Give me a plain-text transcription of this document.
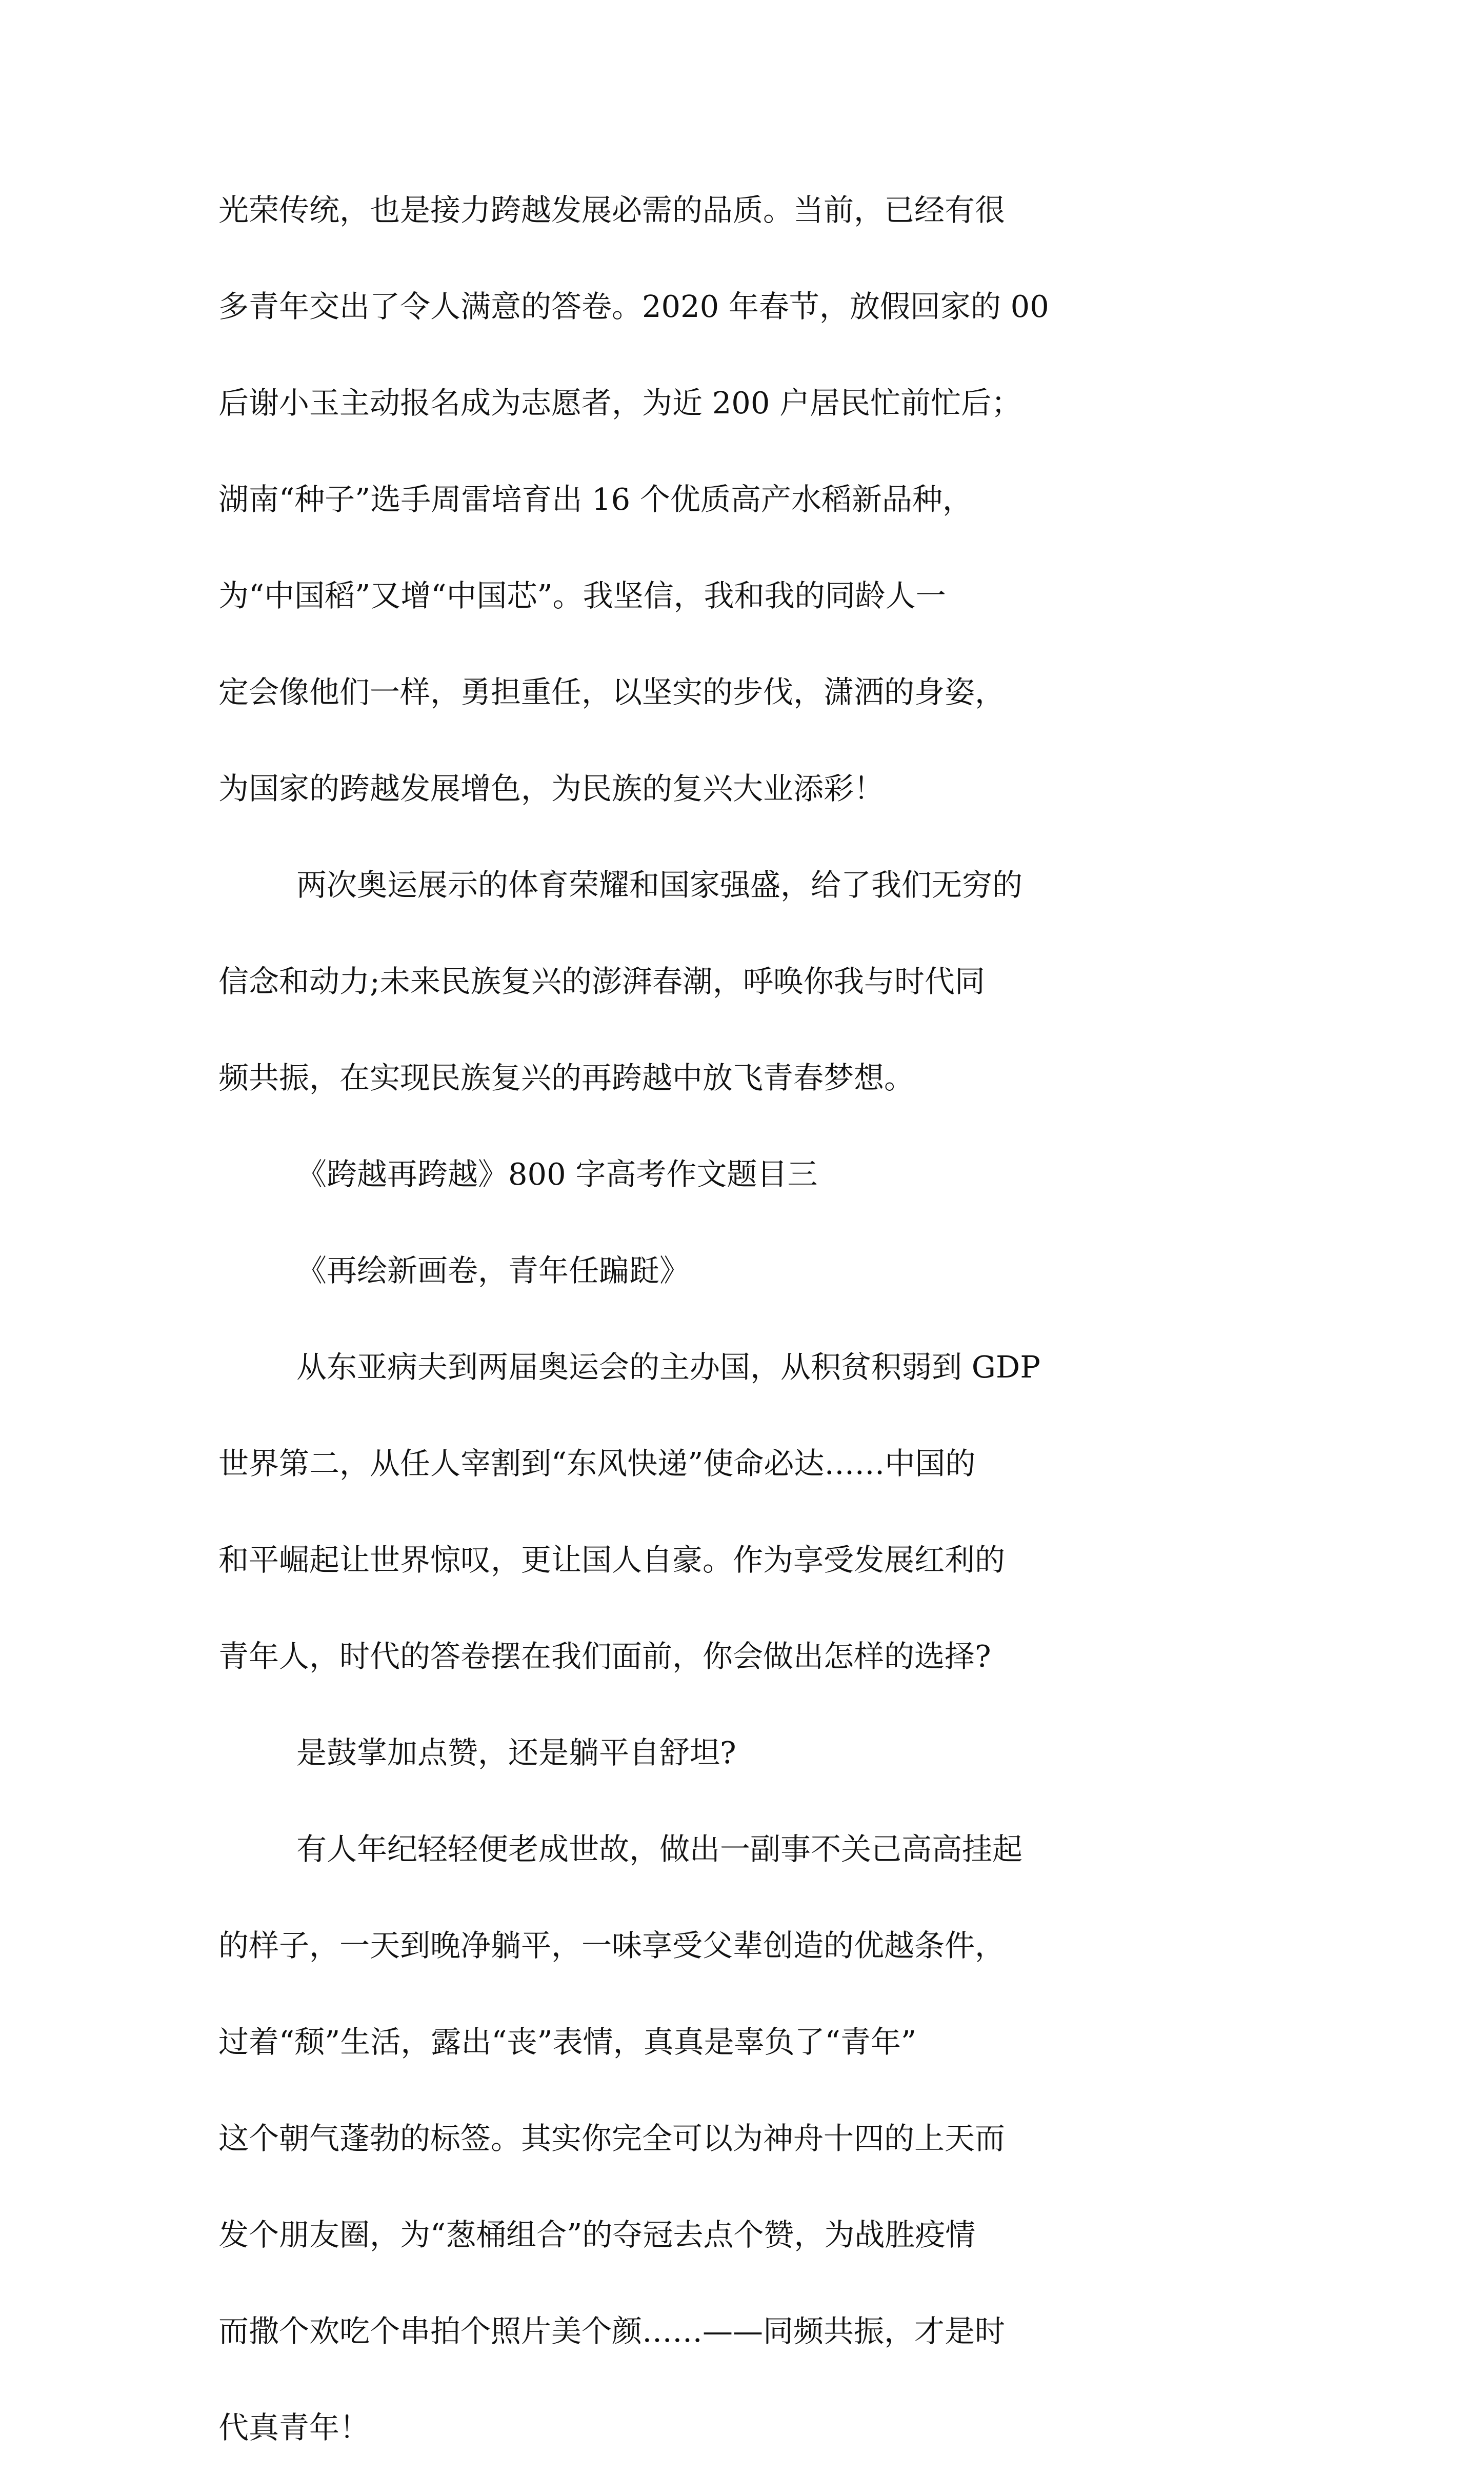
光荣传统，也是接力跨越发展必需的品质。当前，已经有很
多青年交出了令人满意的答卷。2020 年春节，放假回家的 00
后谢小玉主动报名成为志愿者，为近 200 户居民忙前忙后；
湖南“种子”选手周雷培育出 16 个优质高产水稻新品种，
为“中国稻”又增“中国芯”。我坚信，我和我的同龄人一
定会像他们一样，勇担重任，以坚实的步伐，潇洒的身姿，
为国家的跨越发展增色，为民族的复兴大业添彩！
两次奥运展示的体育荣耀和国家强盛，给了我们无穷的
信念和动力;未来民族复兴的澎湃春潮，呼唤你我与时代同
频共振，在实现民族复兴的再跨越中放飞青春梦想。
《跨越再跨越》800 字高考作文题目三
《再绘新画卷，青年任蹁跹》
从东亚病夫到两届奥运会的主办国，从积贫积弱到 GDP
世界第二，从任人宰割到“东风快递”使命必达……中国的
和平崛起让世界惊叹，更让国人自豪。作为享受发展红利的
青年人，时代的答卷摆在我们面前，你会做出怎样的选择?
是鼓掌加点赞，还是躺平自舒坦?
有人年纪轻轻便老成世故，做出一副事不关己高高挂起
的样子，一天到晚净躺平，一味享受父辈创造的优越条件，
过着“颓”生活，露出“丧”表情，真真是辜负了“青年”
这个朝气蓬勃的标签。其实你完全可以为神舟十四的上天而
发个朋友圈，为“葱桶组合”的夺冠去点个赞，为战胜疫情
而撒个欢吃个串拍个照片美个颜……——同频共振，才是时
代真青年！
